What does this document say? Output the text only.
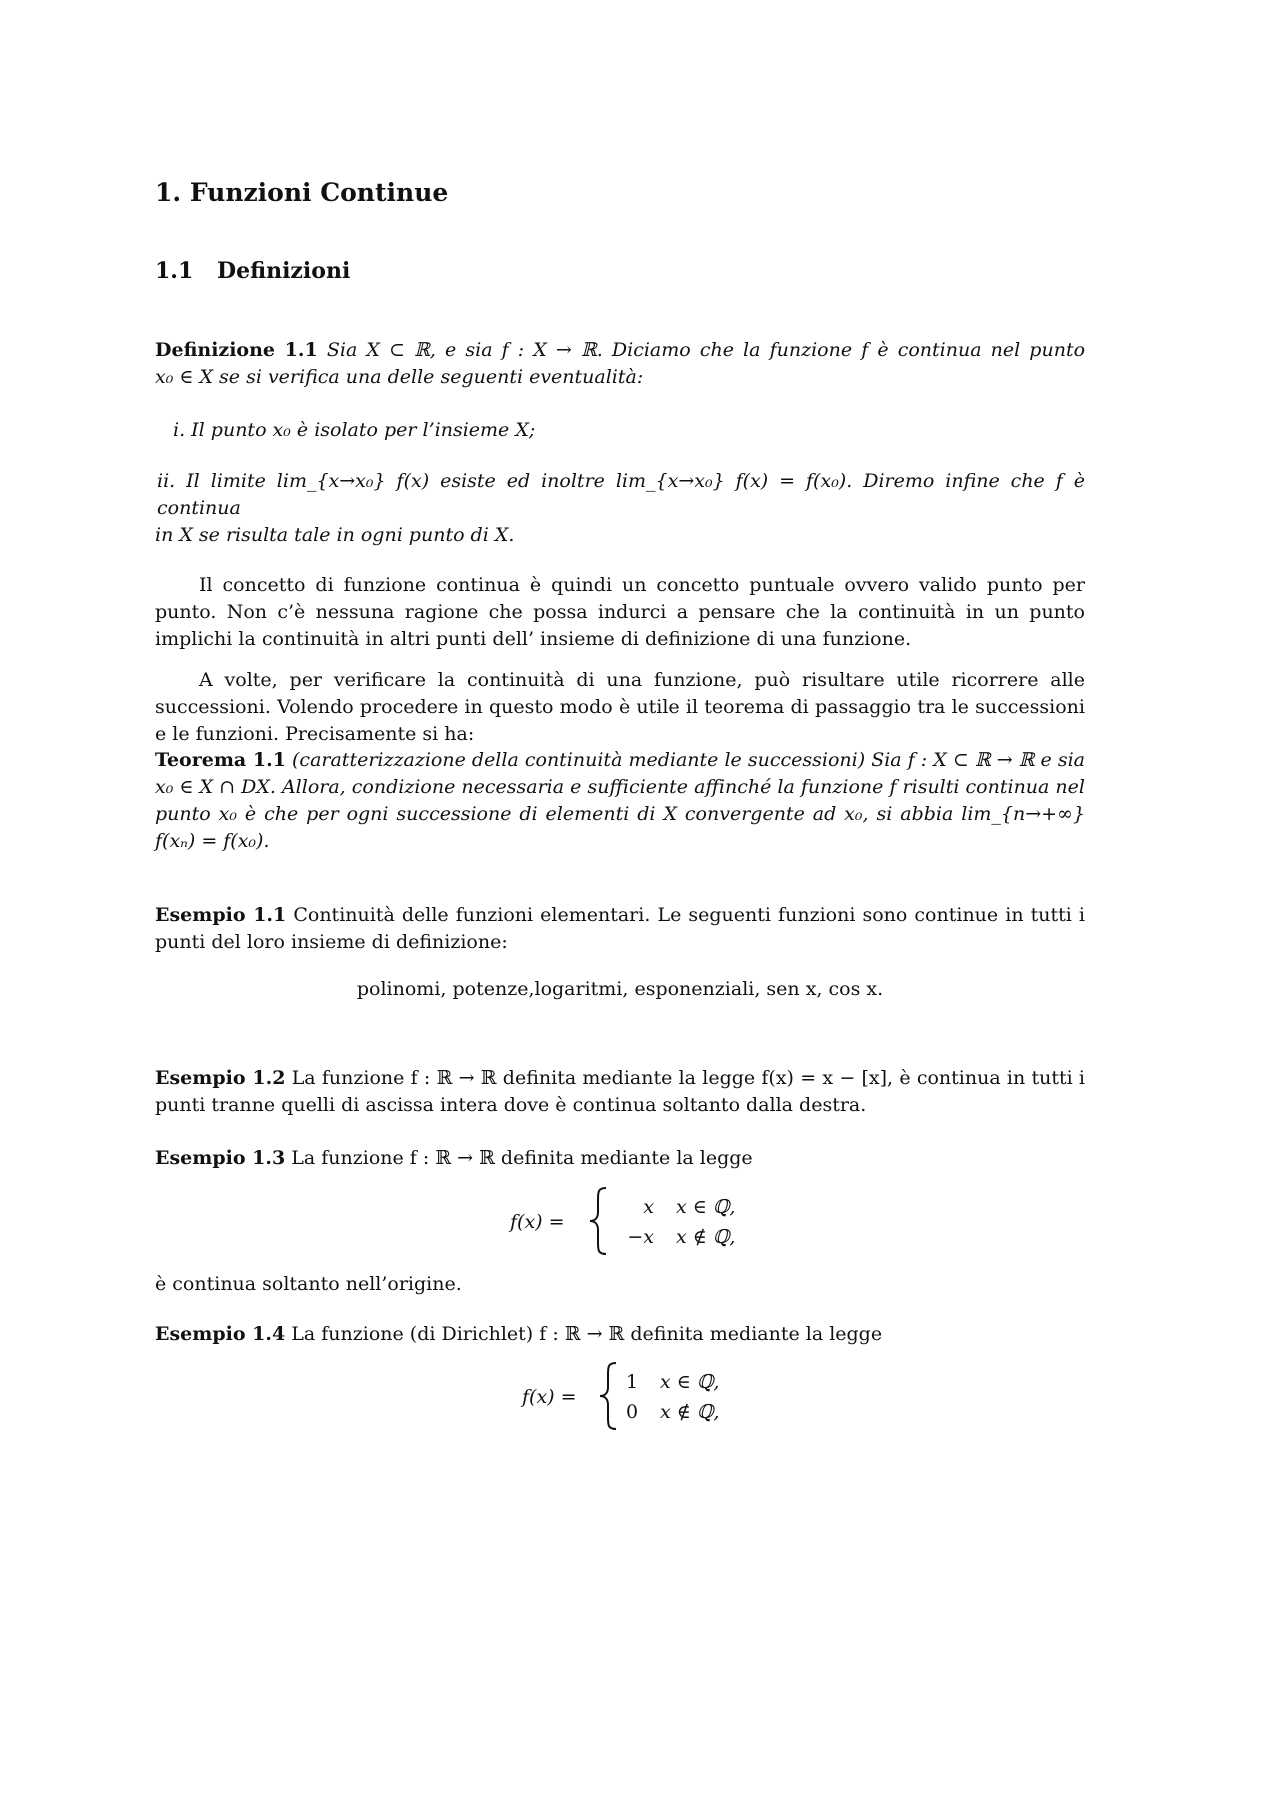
1. Funzioni Continue
1.1 Definizioni
Definizione 1.1 Sia X ⊂ ℝ, e sia f : X → ℝ. Diciamo che la funzione f è continua nel punto
x₀ ∈ X se si verifica una delle seguenti eventualità:
i. Il punto x₀ è isolato per l’insieme X;
ii. Il limite lim_{x→x₀} f(x) esiste ed inoltre lim_{x→x₀} f(x) = f(x₀). Diremo infine che f è continua
in X se risulta tale in ogni punto di X.

Il concetto di funzione continua è quindi un concetto puntuale ovvero valido punto per punto. Non c’è nessuna ragione che possa indurci a pensare che la continuità in un punto implichi la continuità in altri punti dell’ insieme di definizione di una funzione.

A volte, per verificare la continuità di una funzione, può risultare utile ricorrere alle successioni. Volendo procedere in questo modo è utile il teorema di passaggio tra le successioni e le funzioni. Precisamente si ha:

Teorema 1.1 (caratterizzazione della continuità mediante le successioni) Sia f : X ⊂ ℝ → ℝ e sia x₀ ∈ X ∩ DX. Allora, condizione necessaria e sufficiente affinché la funzione f risulti continua nel punto x₀ è che per ogni successione di elementi di X convergente ad x₀, si abbia lim_{n→+∞} f(xₙ) = f(x₀).
Esempio 1.1 Continuità delle funzioni elementari. Le seguenti funzioni sono continue in tutti i punti del loro insieme di definizione:
polinomi, potenze,logaritmi, esponenziali, sen x, cos x.
Esempio 1.2 La funzione f : ℝ → ℝ definita mediante la legge f(x) = x − [x], è continua in tutti i punti tranne quelli di ascissa intera dove è continua soltanto dalla destra.
Esempio 1.3 La funzione f : ℝ → ℝ definita mediante la legge
f(x) =
x x ∈ ℚ,
−x x ∉ ℚ,
è continua soltanto nell’origine.
Esempio 1.4 La funzione (di Dirichlet) f : ℝ → ℝ definita mediante la legge
f(x) =
1 x ∈ ℚ,
0 x ∉ ℚ,
